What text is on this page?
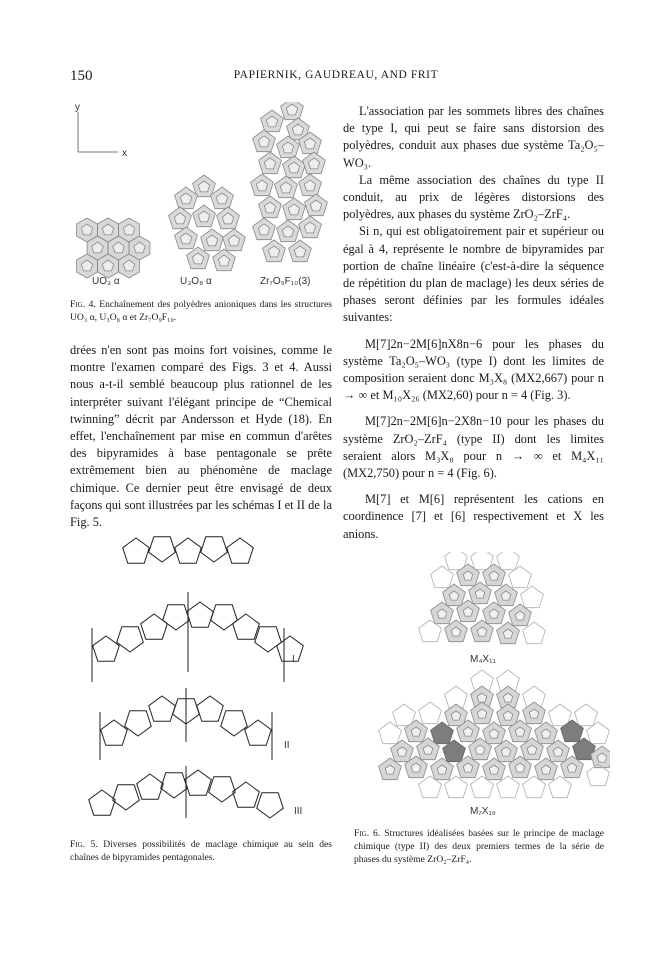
150	PAPIERNIK, GAUDREAU, AND FRIT
y
x
UO₃ α	U₃O₈ α	Zr₇O₉F₁₀(3)
Fig. 4. Enchaînement des polyèdres anioniques dans les structures UO₃ α, U₃O₈ α et Zr₇O₉F₁₀.

drées n'en sont pas moins fort voisines, comme le montre l'examen comparé des Figs. 3 et 4. Aussi nous a-t-il semblé beaucoup plus rationnel de les interpréter suivant l'élégant principe de “Chemical twinning” décrit par Andersson et Hyde (18). En effet, l'enchaînement par mise en commun d'arêtes des bipyramides à base pentagonale se prête extrêmement bien au phénomène de maclage chimique. Ce dernier peut être envisagé de deux façons qui sont illustrées par les schémas I et II de la Fig. 5.

I
II
III
Fig. 5. Diverses possibilités de maclage chimique au sein des chaînes de bipyramides pentagonales.

L'association par les sommets libres des chaînes de type I, qui peut se faire sans distorsion des polyèdres, conduit aux phases due système Ta₂O₅–WO₃.

La même association des chaînes du type II conduit, au prix de légères distorsions des polyèdres, aux phases du système ZrO₂–ZrF₄.

Si n, qui est obligatoirement pair et supérieur ou égal à 4, représente le nombre de bipyramides par portion de chaîne linéaire (c'est-à-dire la séquence de répétition du plan de maclage) les deux séries de phases seront définies par les formules idéales suivantes:

M[7]2n−2M[6]nX8n−6 pour les phases du système Ta₂O₅–WO₃ (type I) dont les limites de composition seraient donc M₃X₈ (MX2,667) pour n → ∞ et M₁₀X₂₆ (MX2,60) pour n = 4 (Fig. 3).

M[7]2n−2M[6]n−2X8n−10 pour les phases du système ZrO₂–ZrF₄ (type II) dont les limites seraient alors M₃X₈ pour n → ∞ et M₄X₁₁ (MX2,750) pour n = 4 (Fig. 6).

M[7] et M[6] représentent les cations en coordinence [7] et [6] respectivement et X les anions.

M₄X₁₁
M₇X₁₉
Fig. 6. Structures idéalisées basées sur le principe de maclage chimique (type II) des deux premiers termes de la série de phases du système ZrO₂–ZrF₄.
